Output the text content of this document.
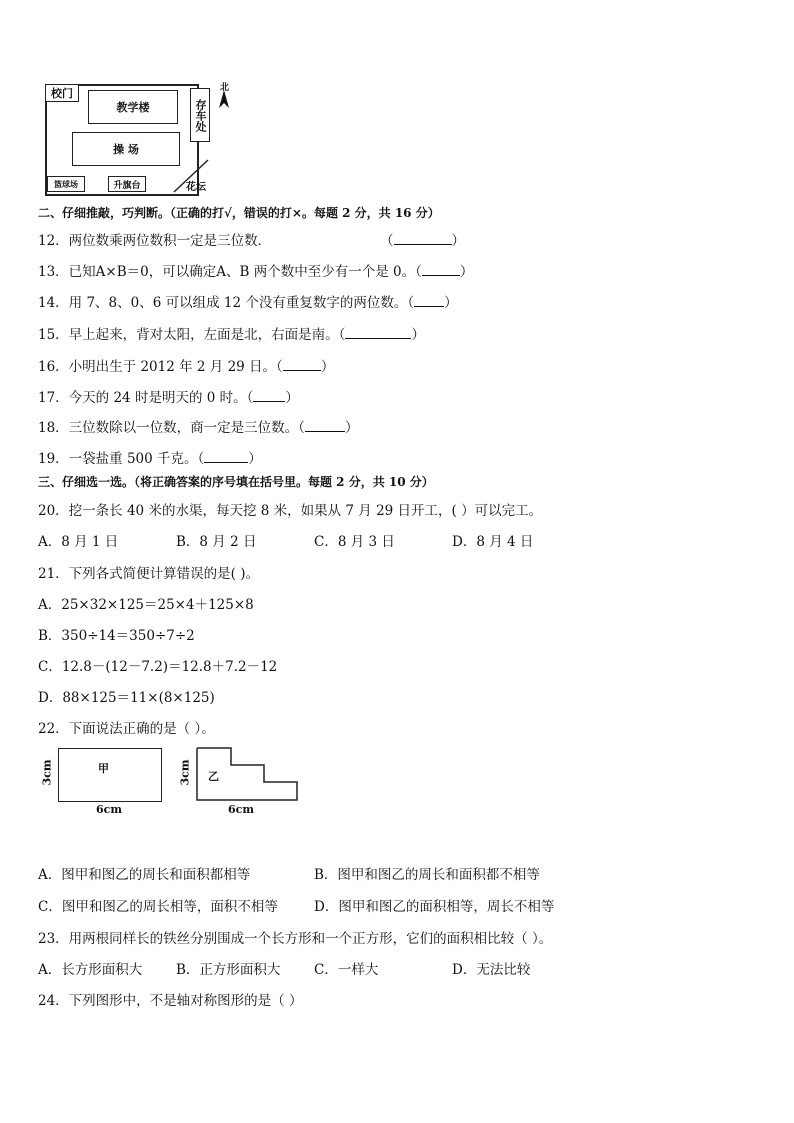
校门
教学楼
操 场
存车处
篮球场	升旗台	花坛
北
二、仔细推敲，巧判断。（正确的打√，错误的打×。每题 2 分，共 16 分）
12．两位数乘两位数积一定是三位数．	（	）
13．已知A×B＝0，可以确定A、B 两个数中至少有一个是 0。（	）
14．用 7、8、0、6 可以组成 12 个没有重复数字的两位数。（ ）
15．早上起来，背对太阳，左面是北，右面是南。（	）
16．小明出生于 2012 年 2 月 29 日。（	）
17．今天的 24 时是明天的 0 时。（ ）
18．三位数除以一位数，商一定是三位数。（	）
19．一袋盐重 500 千克。（	）
三、仔细选一选。（将正确答案的序号填在括号里。每题 2 分，共 10 分）
20．挖一条长 40 米的水渠，每天挖 8 米，如果从 7 月 29 日开工，( ）可以完工。
A．8 月 1 日	B．8 月 2 日	C．8 月 3 日	D．8 月 4 日
21．下列各式简便计算错误的是( )。
A．25×32×125＝25×4＋125×8
B．350÷14＝350÷7÷2
C．12.8－(12－7.2)＝12.8＋7.2－12
D．88×125＝11×(8×125)
22．下面说法正确的是（ ）。
甲
3cm
6cm
乙
3cm
6cm
A．图甲和图乙的周长和面积都相等	B．图甲和图乙的周长和面积都不相等
C．图甲和图乙的周长相等，面积不相等	D．图甲和图乙的面积相等，周长不相等
23．用两根同样长的铁丝分别围成一个长方形和一个正方形，它们的面积相比较（ ）。
A．长方形面积大	B．正方形面积大 C．一样大	D．无法比较
24．下列图形中，不是轴对称图形的是（ ）
